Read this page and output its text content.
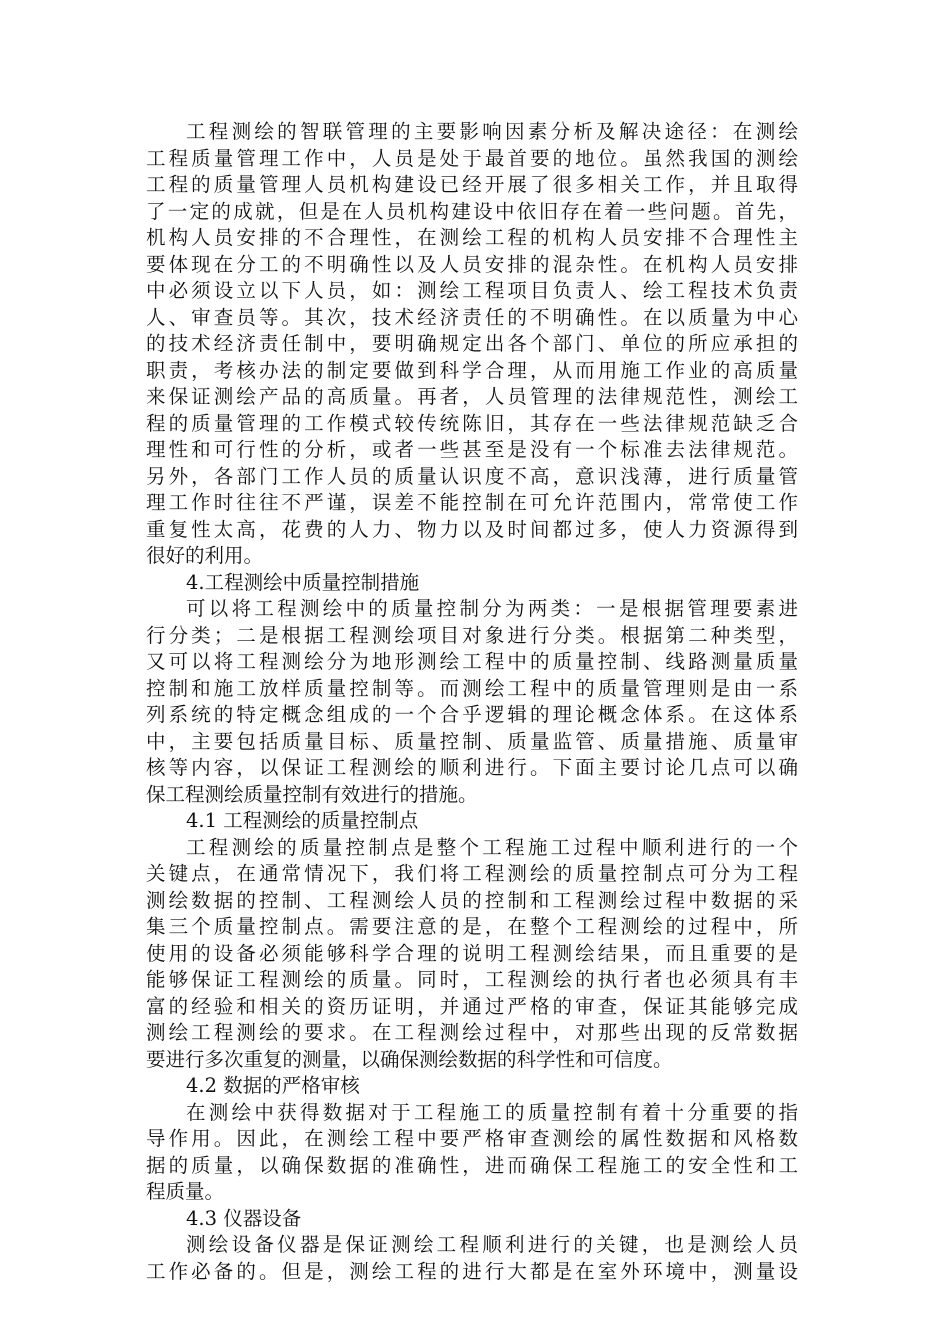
工程测绘的智联管理的主要影响因素分析及解决途径：在测绘
工程质量管理工作中，人员是处于最首要的地位。虽然我国的测绘
工程的质量管理人员机构建设已经开展了很多相关工作，并且取得
了一定的成就，但是在人员机构建设中依旧存在着一些问题。首先，
机构人员安排的不合理性，在测绘工程的机构人员安排不合理性主
要体现在分工的不明确性以及人员安排的混杂性。在机构人员安排
中必须设立以下人员，如：测绘工程项目负责人、绘工程技术负责
人、审查员等。其次，技术经济责任的不明确性。在以质量为中心
的技术经济责任制中，要明确规定出各个部门、单位的所应承担的
职责，考核办法的制定要做到科学合理，从而用施工作业的高质量
来保证测绘产品的高质量。再者，人员管理的法律规范性，测绘工
程的质量管理的工作模式较传统陈旧，其存在一些法律规范缺乏合
理性和可行性的分析，或者一些甚至是没有一个标准去法律规范。
另外，各部门工作人员的质量认识度不高，意识浅薄，进行质量管
理工作时往往不严谨，误差不能控制在可允许范围内，常常使工作
重复性太高，花费的人力、物力以及时间都过多，使人力资源得到
很好的利用。
4.工程测绘中质量控制措施
可以将工程测绘中的质量控制分为两类：一是根据管理要素进
行分类；二是根据工程测绘项目对象进行分类。根据第二种类型，
又可以将工程测绘分为地形测绘工程中的质量控制、线路测量质量
控制和施工放样质量控制等。而测绘工程中的质量管理则是由一系
列系统的特定概念组成的一个合乎逻辑的理论概念体系。在这体系
中，主要包括质量目标、质量控制、质量监管、质量措施、质量审
核等内容，以保证工程测绘的顺利进行。下面主要讨论几点可以确
保工程测绘质量控制有效进行的措施。
4.1 工程测绘的质量控制点
工程测绘的质量控制点是整个工程施工过程中顺利进行的一个
关键点，在通常情况下，我们将工程测绘的质量控制点可分为工程
测绘数据的控制、工程测绘人员的控制和工程测绘过程中数据的采
集三个质量控制点。需要注意的是，在整个工程测绘的过程中，所
使用的设备必须能够科学合理的说明工程测绘结果，而且重要的是
能够保证工程测绘的质量。同时，工程测绘的执行者也必须具有丰
富的经验和相关的资历证明，并通过严格的审查，保证其能够完成
测绘工程测绘的要求。在工程测绘过程中，对那些出现的反常数据
要进行多次重复的测量，以确保测绘数据的科学性和可信度。
4.2 数据的严格审核
在测绘中获得数据对于工程施工的质量控制有着十分重要的指
导作用。因此，在测绘工程中要严格审查测绘的属性数据和风格数
据的质量，以确保数据的准确性，进而确保工程施工的安全性和工
程质量。
4.3 仪器设备
测绘设备仪器是保证测绘工程顺利进行的关键，也是测绘人员
工作必备的。但是，测绘工程的进行大都是在室外环境中，测量设
